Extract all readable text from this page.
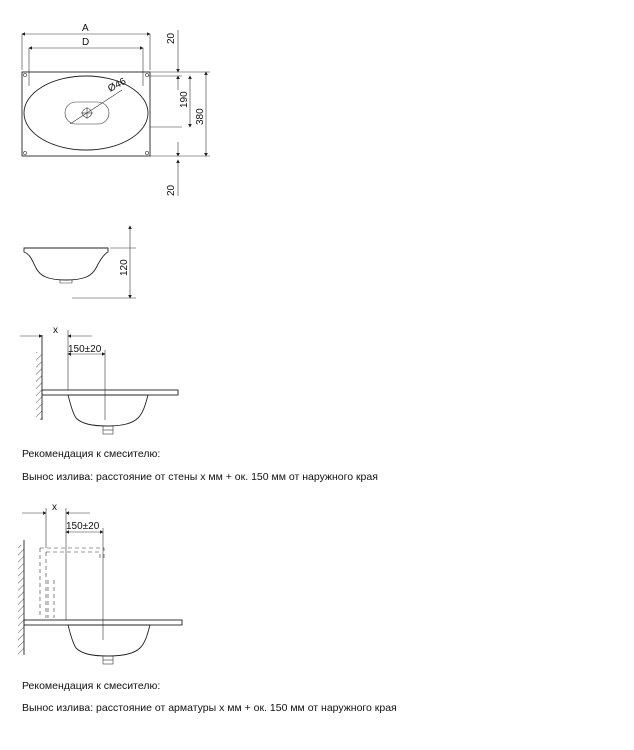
Ø46
A
D	20
190
380
20
120
x
150±20
Рекомендация к смесителю:
Вынос излива: расстояние от стены x мм + ок. 150 мм от наружного края
x
150±20
Рекомендация к смесителю:
Вынос излива: расстояние от арматуры x мм + ок. 150 мм от наружного края
